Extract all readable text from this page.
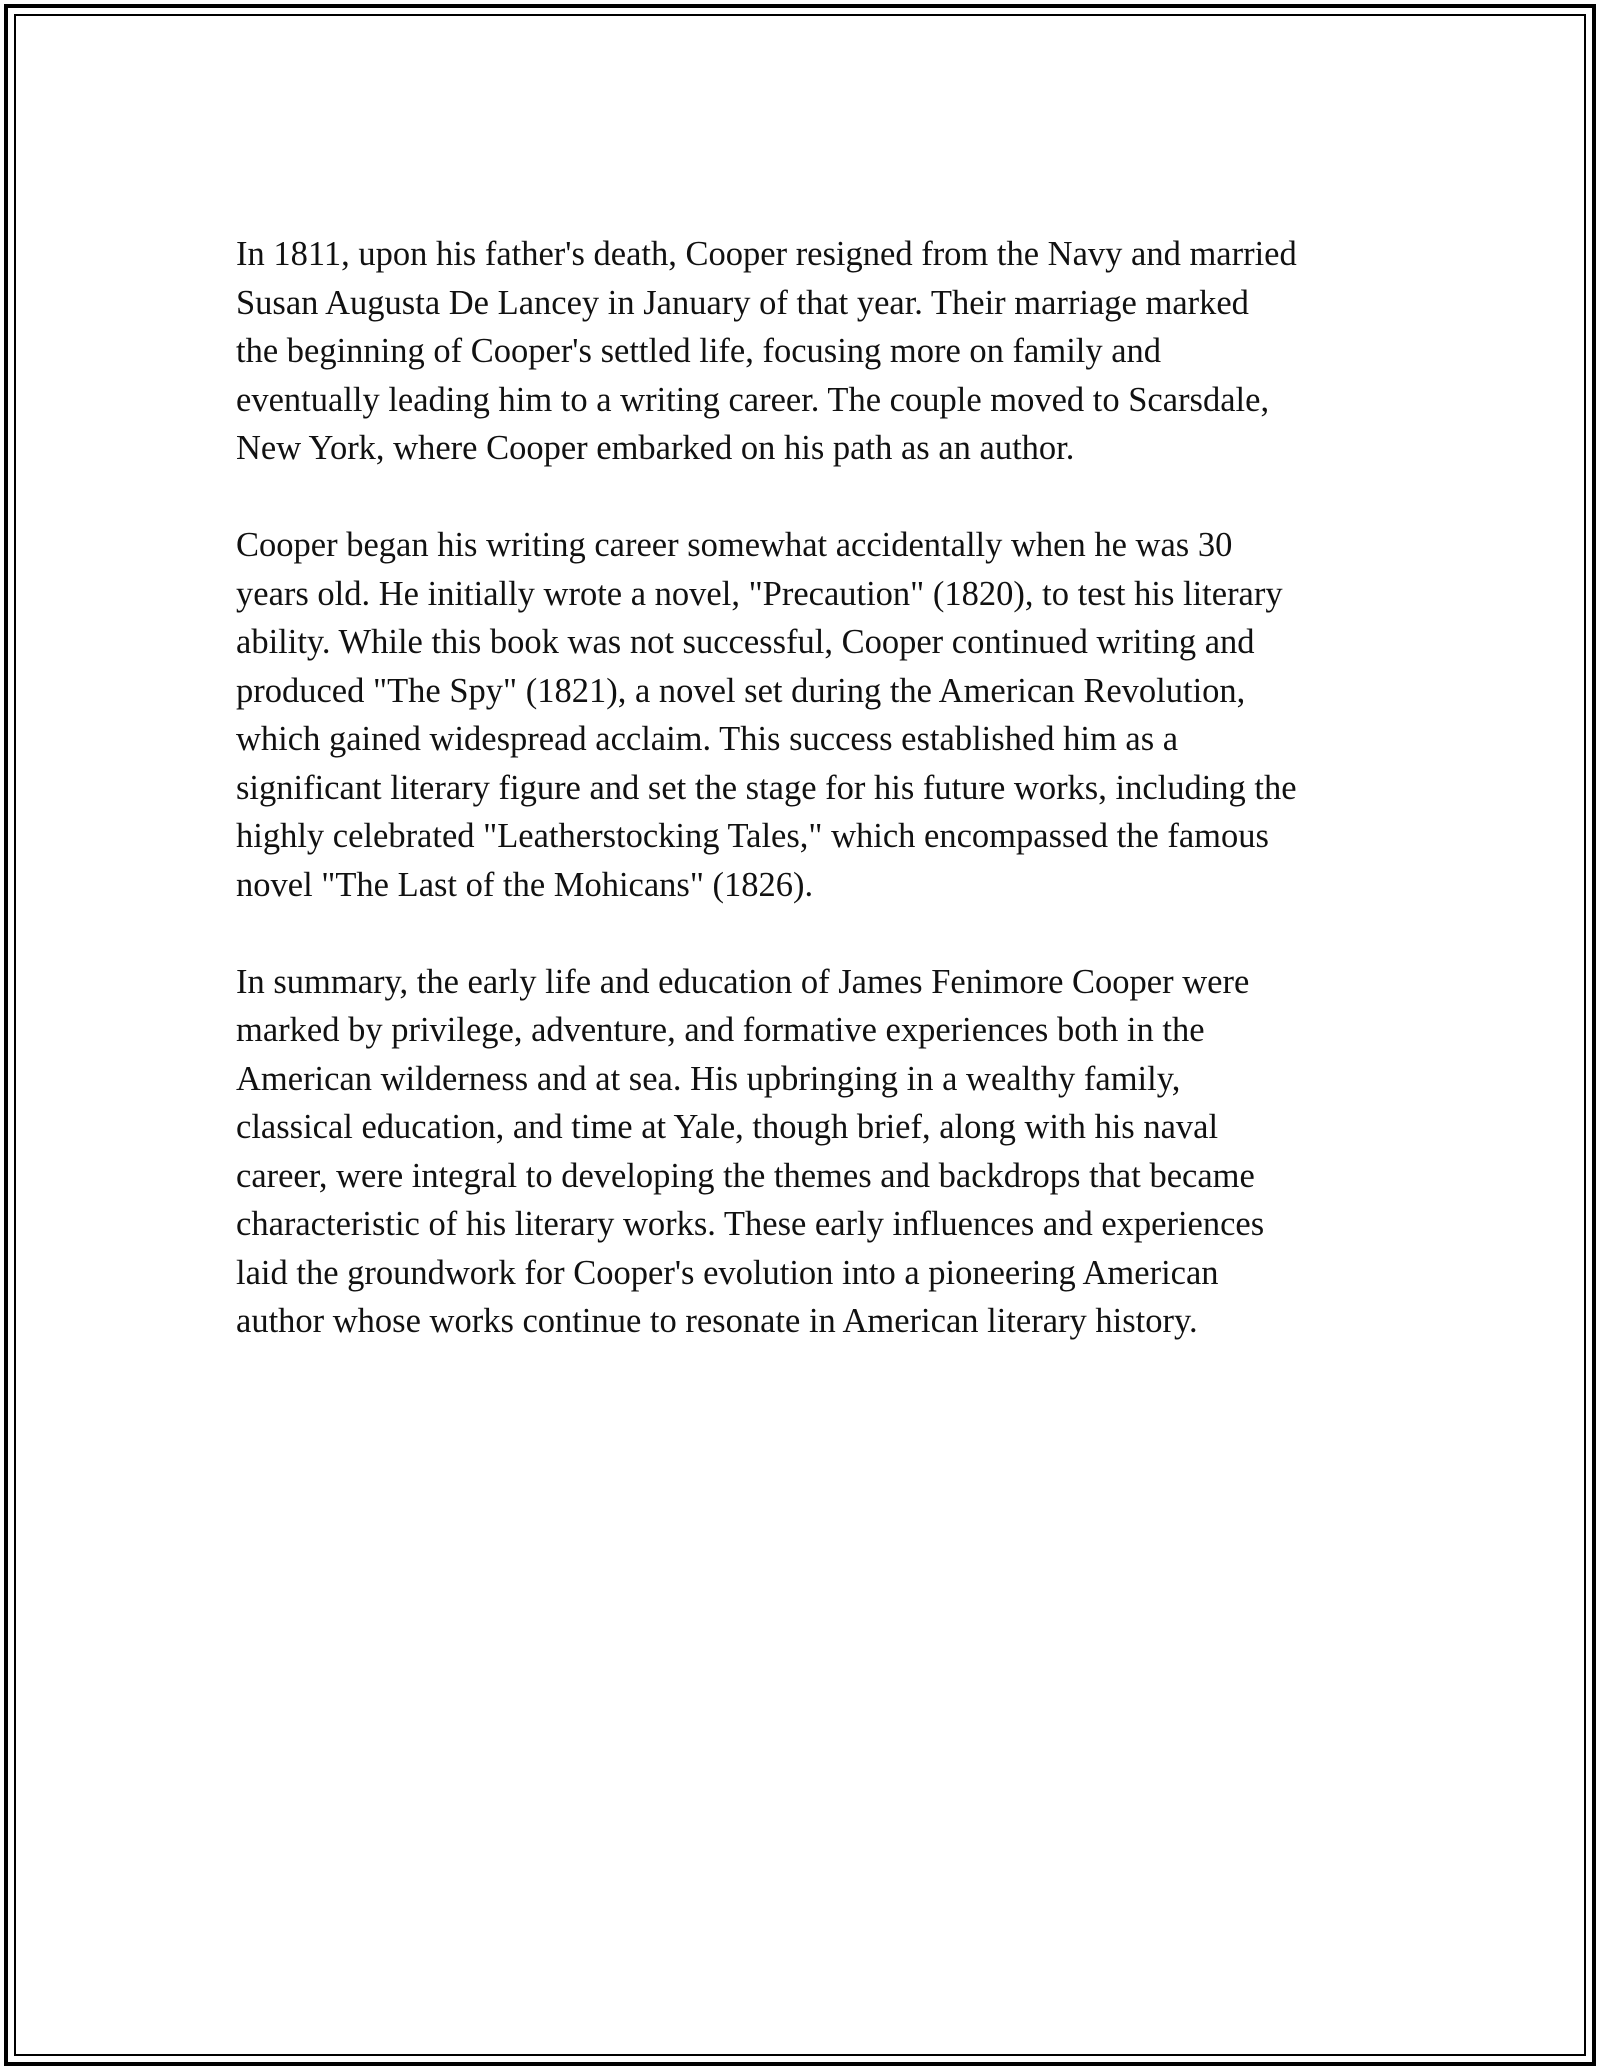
In 1811, upon his father's death, Cooper resigned from the Navy and married
Susan Augusta De Lancey in January of that year. Their marriage marked
the beginning of Cooper's settled life, focusing more on family and
eventually leading him to a writing career. The couple moved to Scarsdale,
New York, where Cooper embarked on his path as an author.

Cooper began his writing career somewhat accidentally when he was 30
years old. He initially wrote a novel, "Precaution" (1820), to test his literary
ability. While this book was not successful, Cooper continued writing and
produced "The Spy" (1821), a novel set during the American Revolution,
which gained widespread acclaim. This success established him as a
significant literary figure and set the stage for his future works, including the
highly celebrated "Leatherstocking Tales," which encompassed the famous
novel "The Last of the Mohicans" (1826).

In summary, the early life and education of James Fenimore Cooper were
marked by privilege, adventure, and formative experiences both in the
American wilderness and at sea. His upbringing in a wealthy family,
classical education, and time at Yale, though brief, along with his naval
career, were integral to developing the themes and backdrops that became
characteristic of his literary works. These early influences and experiences
laid the groundwork for Cooper's evolution into a pioneering American
author whose works continue to resonate in American literary history.
